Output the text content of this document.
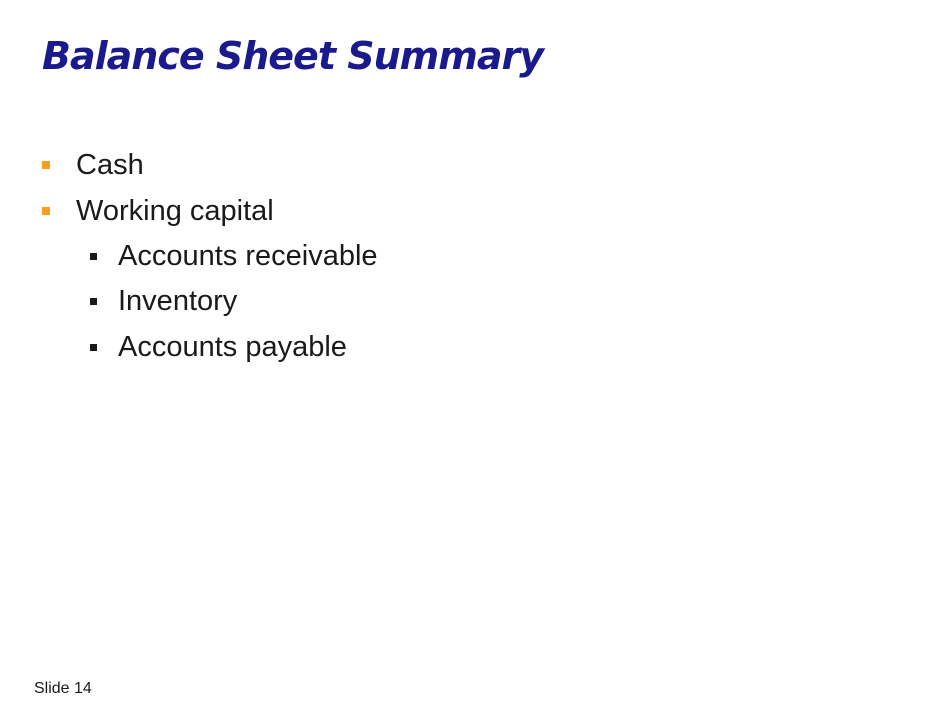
Balance Sheet Summary
Cash
Working capital
Accounts receivable
Inventory
Accounts payable
Slide 14
